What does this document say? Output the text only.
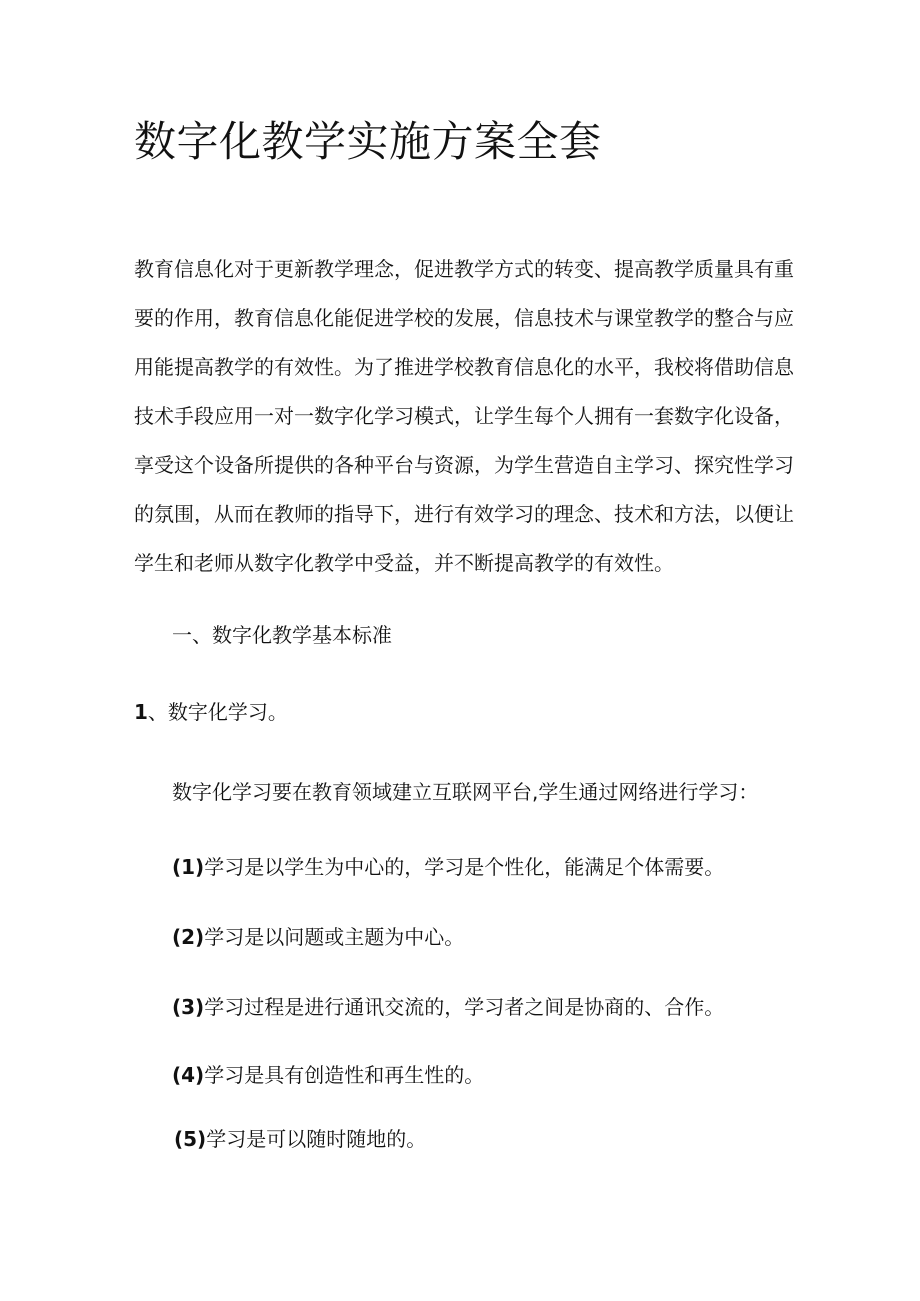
数字化教学实施方案全套
教育信息化对于更新教学理念，促进教学方式的转变、提高教学质量具有重
要的作用，教育信息化能促进学校的发展，信息技术与课堂教学的整合与应
用能提高教学的有效性。为了推进学校教育信息化的水平，我校将借助信息
技术手段应用一对一数字化学习模式，让学生每个人拥有一套数字化设备，
享受这个设备所提供的各种平台与资源，为学生营造自主学习、探究性学习
的氛围，从而在教师的指导下，进行有效学习的理念、技术和方法，以便让
学生和老师从数字化教学中受益，并不断提高教学的有效性。

一、数字化教学基本标准

1、数字化学习。

数字化学习要在教育领域建立互联网平台,学生通过网络进行学习：

(1)学习是以学生为中心的，学习是个性化，能满足个体需要。

(2)学习是以问题或主题为中心。

(3)学习过程是进行通讯交流的，学习者之间是协商的、合作。

(4)学习是具有创造性和再生性的。

(5)学习是可以随时随地的。
